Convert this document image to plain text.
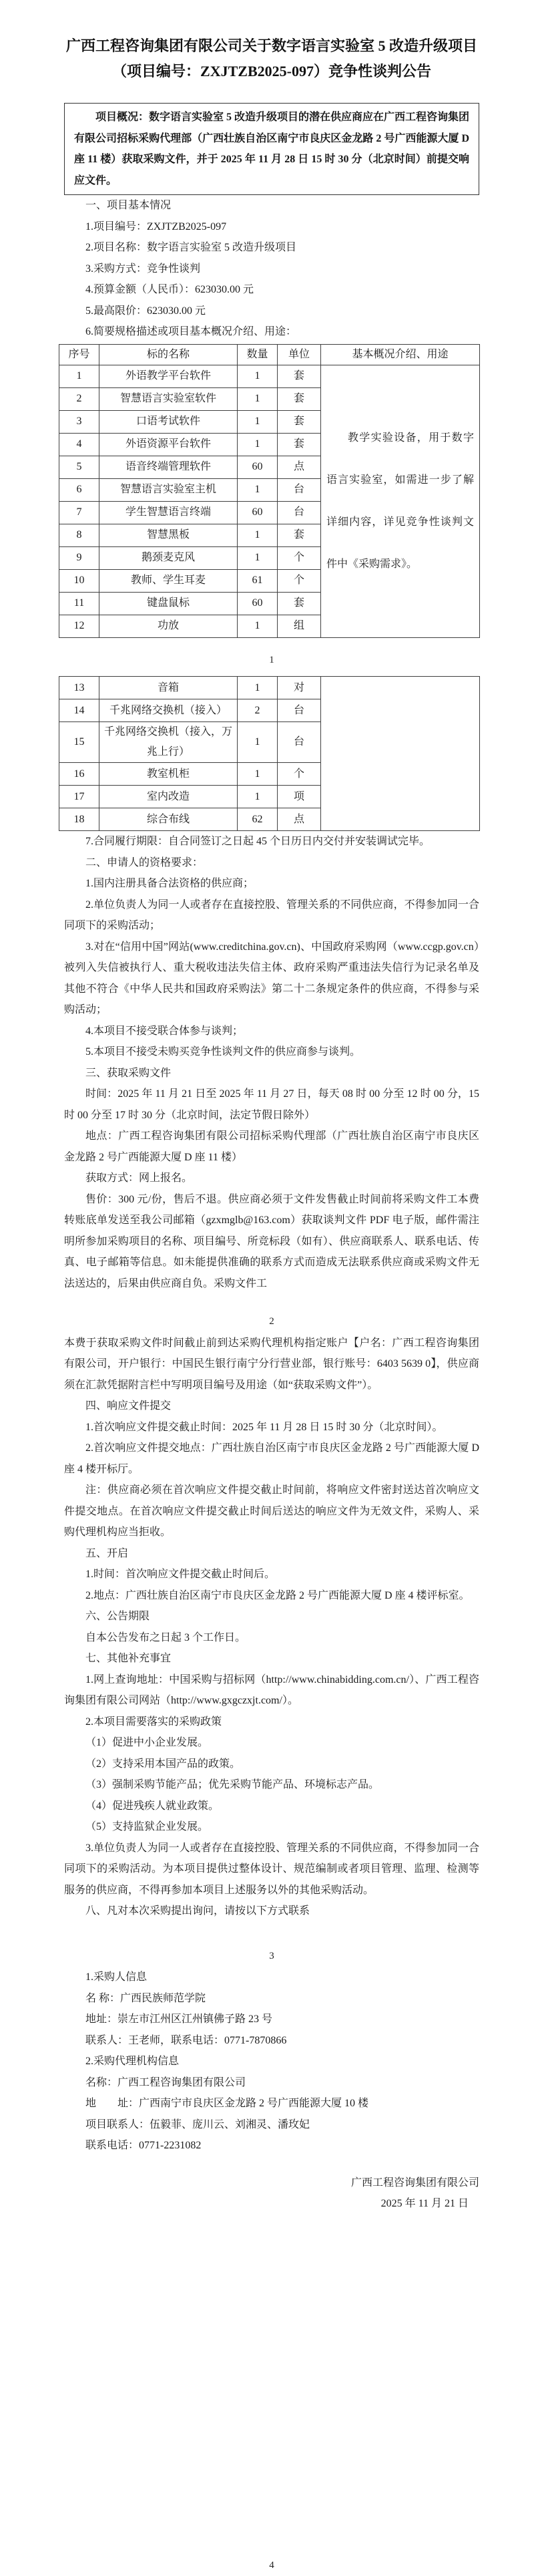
广西工程咨询集团有限公司关于数字语言实验室 5 改造升级项目
（项目编号：ZXJTZB2025-097）竞争性谈判公告

项目概况：数字语言实验室 5 改造升级项目的潜在供应商应在广西工程咨询集团有限公司招标采购代理部（广西壮族自治区南宁市良庆区金龙路 2 号广西能源大厦 D 座 11 楼）获取采购文件，并于 2025 年 11 月 28 日 15 时 30 分（北京时间）前提交响应文件。

一、项目基本情况

1.项目编号：ZXJTZB2025-097

2.项目名称：数字语言实验室 5 改造升级项目

3.采购方式：竞争性谈判

4.预算金额（人民币）：623030.00 元

5.最高限价：623030.00 元

6.简要规格描述或项目基本概况介绍、用途：

序号	标的名称	数量	单位	基本概况介绍、用途
1	外语教学平台软件	1	套	教学实验设备，用于数字语言实验室，如需进一步了解详细内容，详见竞争性谈判文件中《采购需求》。
2	智慧语言实验室软件	1	套	
3	口语考试软件	1	套	
4	外语资源平台软件	1	套	
5	语音终端管理软件	60	点	
6	智慧语言实验室主机	1	台	
7	学生智慧语言终端	60	台	
8	智慧黑板	1	套	
9	鹅颈麦克风	1	个	
10	教师、学生耳麦	61	个	
11	键盘鼠标	60	套	
12	功放	1	组	

1

13	音箱	1	对	
14	千兆网络交换机（接入）	2	台	
15	千兆网络交换机（接入，万兆上行）	1	台	
16	教室机柜	1	个	
17	室内改造	1	项	
18	综合布线	62	点	

7.合同履行期限：自合同签订之日起 45 个日历日内交付并安装调试完毕。

二、申请人的资格要求：

1.国内注册具备合法资格的供应商；

2.单位负责人为同一人或者存在直接控股、管理关系的不同供应商，不得参加同一合同项下的采购活动；

3.对在“信用中国”网站(www.creditchina.gov.cn)、中国政府采购网（www.ccgp.gov.cn）被列入失信被执行人、重大税收违法失信主体、政府采购严重违法失信行为记录名单及其他不符合《中华人民共和国政府采购法》第二十二条规定条件的供应商，不得参与采购活动；

4.本项目不接受联合体参与谈判；

5.本项目不接受未购买竞争性谈判文件的供应商参与谈判。

三、获取采购文件

时间：2025 年 11 月 21 日至 2025 年 11 月 27 日，每天 08 时 00 分至 12 时 00 分，15 时 00 分至 17 时 30 分（北京时间，法定节假日除外）

地点：广西工程咨询集团有限公司招标采购代理部（广西壮族自治区南宁市良庆区金龙路 2 号广西能源大厦 D 座 11 楼）

获取方式：网上报名。

售价：300 元/份，售后不退。供应商必须于文件发售截止时间前将采购文件工本费转账底单发送至我公司邮箱（gzxmglb@163.com）获取谈判文件 PDF 电子版，邮件需注明所参加采购项目的名称、项目编号、所竞标段（如有）、供应商联系人、联系电话、传真、电子邮箱等信息。如未能提供准确的联系方式而造成无法联系供应商或采购文件无法送达的，后果由供应商自负。采购文件工

2

本费于获取采购文件时间截止前到达采购代理机构指定账户【户名：广西工程咨询集团有限公司，开户银行：中国民生银行南宁分行营业部，银行账号：6403 5639 0】，供应商须在汇款凭据附言栏中写明项目编号及用途（如“获取采购文件”）。

四、响应文件提交

1.首次响应文件提交截止时间：2025 年 11 月 28 日 15 时 30 分（北京时间）。

2.首次响应文件提交地点：广西壮族自治区南宁市良庆区金龙路 2 号广西能源大厦 D 座 4 楼开标厅。

注：供应商必须在首次响应文件提交截止时间前，将响应文件密封送达首次响应文件提交地点。在首次响应文件提交截止时间后送达的响应文件为无效文件，采购人、采购代理机构应当拒收。

五、开启

1.时间：首次响应文件提交截止时间后。

2.地点：广西壮族自治区南宁市良庆区金龙路 2 号广西能源大厦 D 座 4 楼评标室。

六、公告期限

自本公告发布之日起 3 个工作日。

七、其他补充事宜

1.网上查询地址：中国采购与招标网（http://www.chinabidding.com.cn/）、广西工程咨询集团有限公司网站（http://www.gxgczxjt.com/）。

2.本项目需要落实的采购政策

（1）促进中小企业发展。

（2）支持采用本国产品的政策。

（3）强制采购节能产品；优先采购节能产品、环境标志产品。

（4）促进残疾人就业政策。

（5）支持监狱企业发展。

3.单位负责人为同一人或者存在直接控股、管理关系的不同供应商，不得参加同一合同项下的采购活动。为本项目提供过整体设计、规范编制或者项目管理、监理、检测等服务的供应商，不得再参加本项目上述服务以外的其他采购活动。

八、凡对本次采购提出询问，请按以下方式联系

3

1.采购人信息

名 称：广西民族师范学院

地址：崇左市江州区江州镇佛子路 23 号

联系人：王老师，联系电话：0771-7870866

2.采购代理机构信息

名称：广西工程咨询集团有限公司

地　　址：广西南宁市良庆区金龙路 2 号广西能源大厦 10 楼

项目联系人：伍毅菲、庞川云、刘湘灵、潘玫妃

联系电话：0771-2231082

广西工程咨询集团有限公司

2025 年 11 月 21 日

4
